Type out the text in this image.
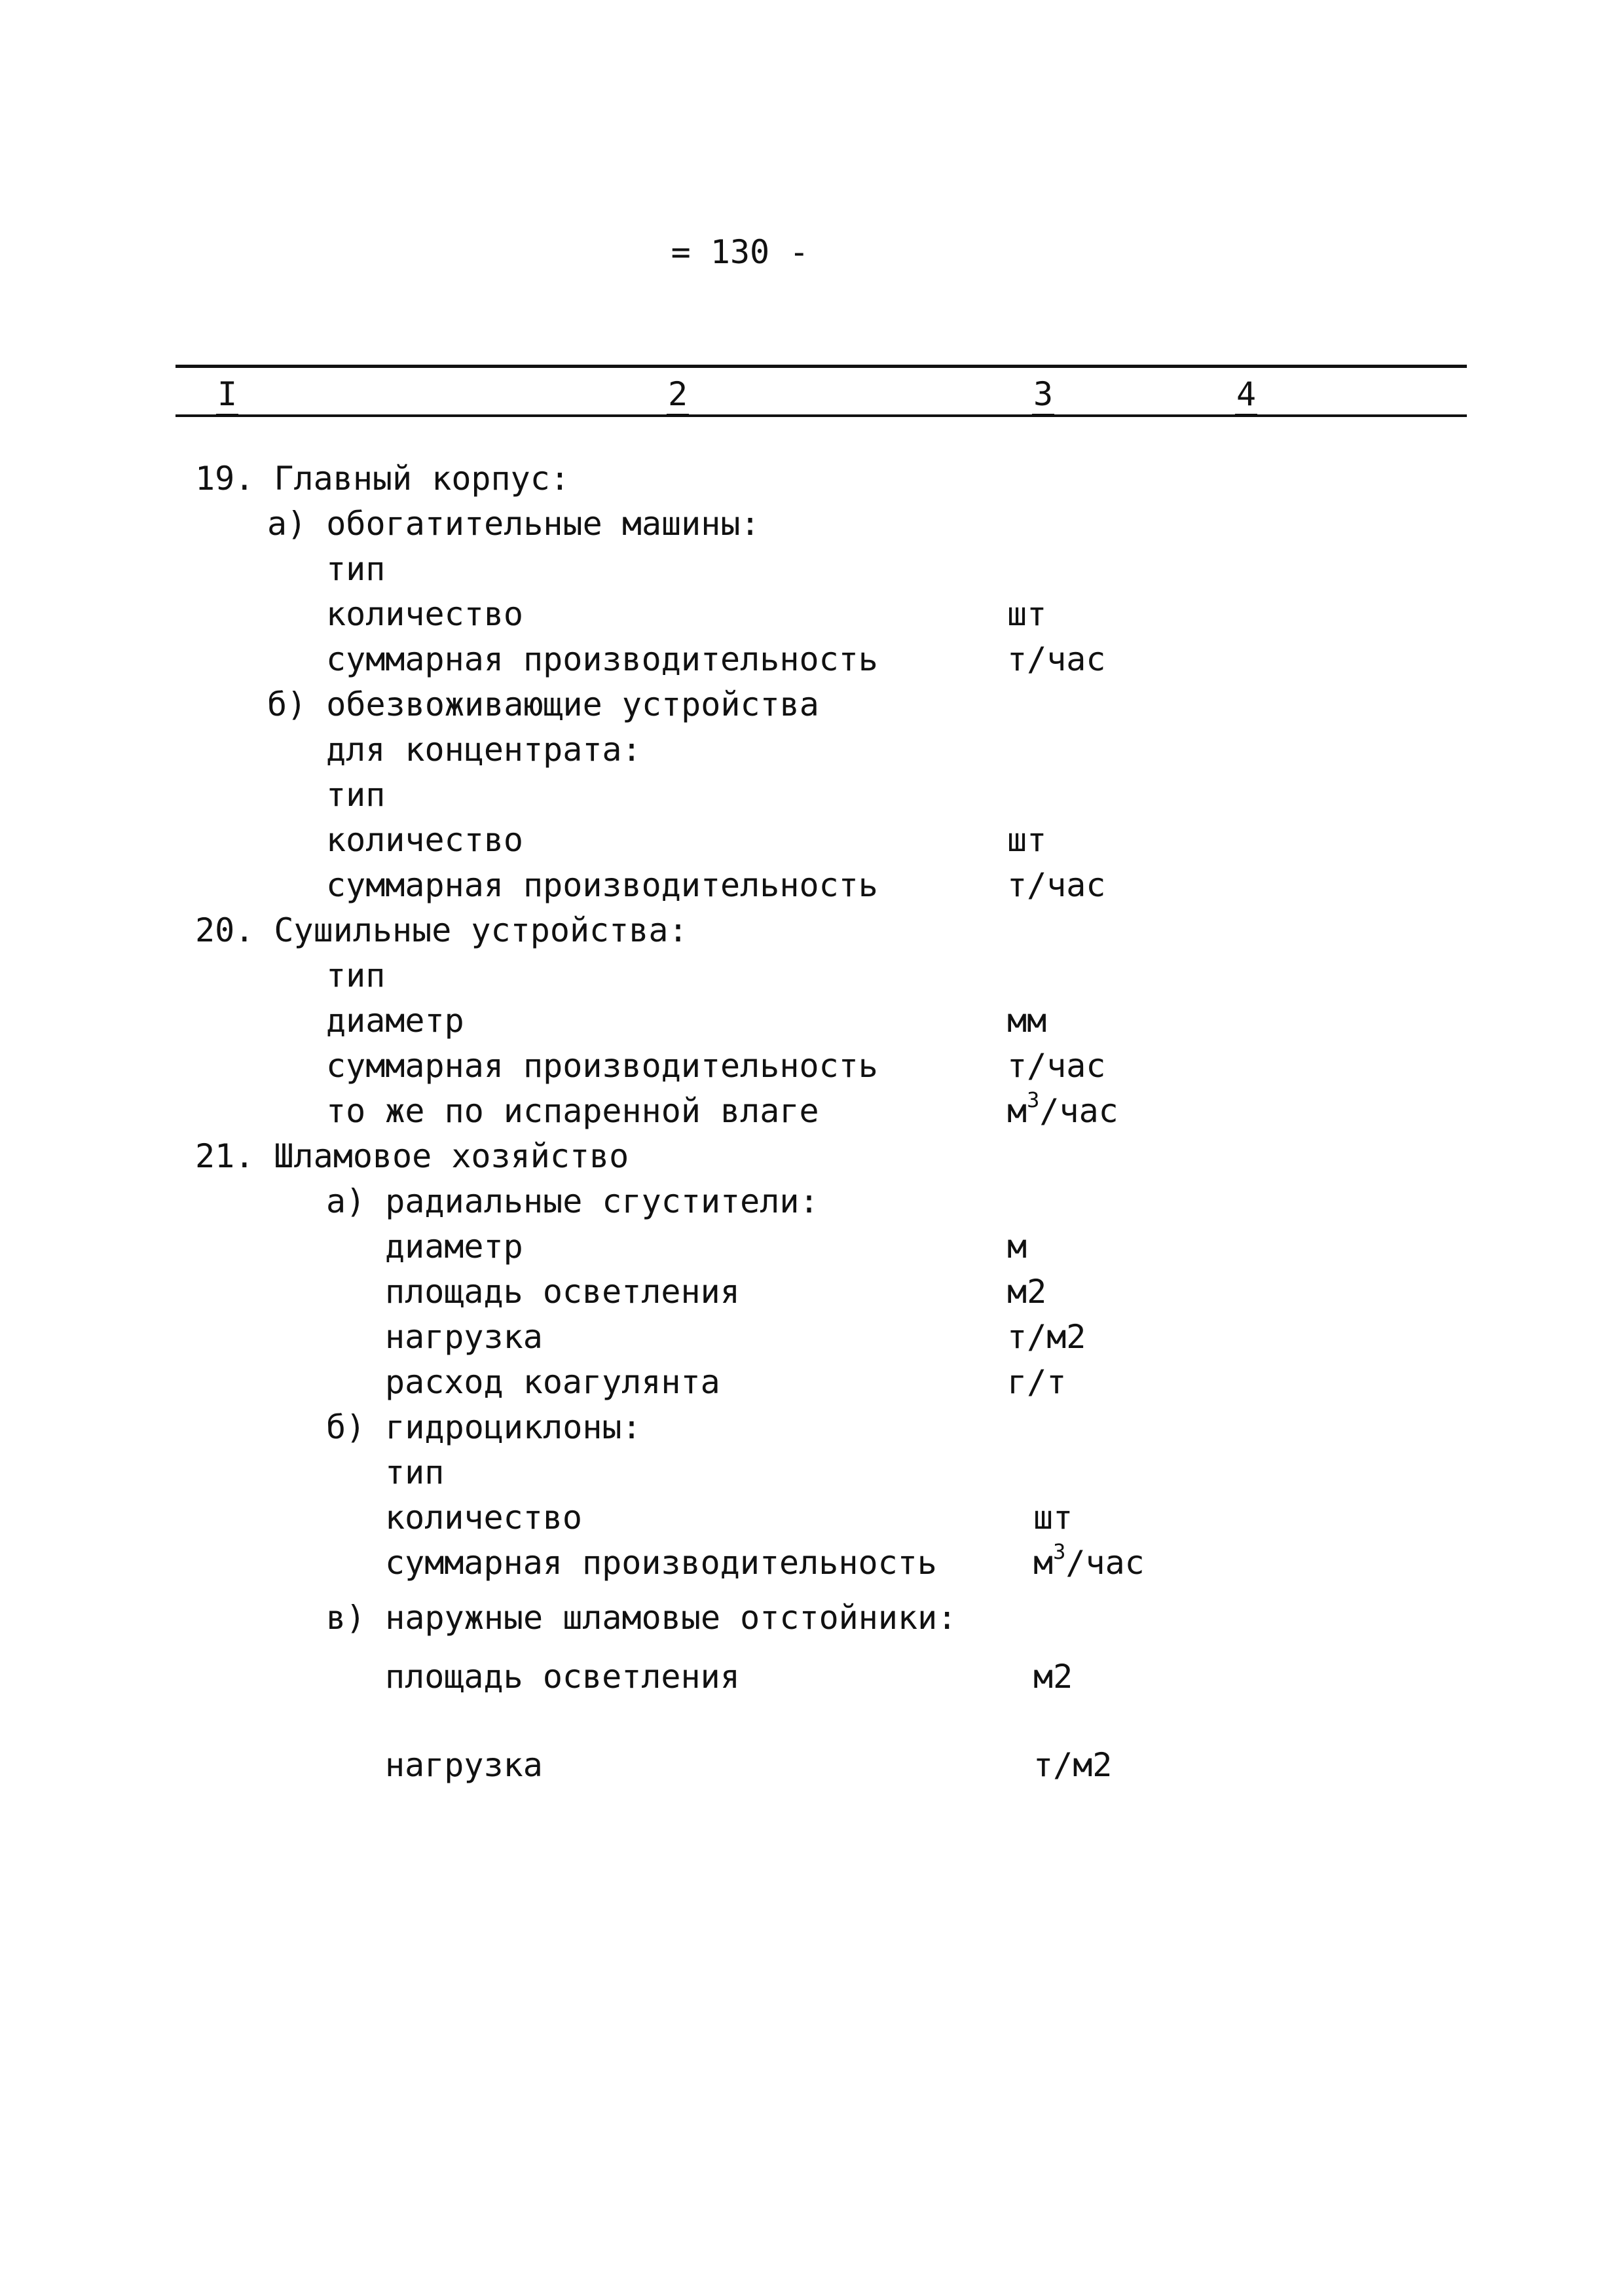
= 130 -
I	2	3	4
19. Главный корпус:
а) обогатительные машины:
тип
количество	шт
суммарная производительность	т/час
б) обезвоживающие устройства
для концентрата:
тип
количество	шт
суммарная производительность	т/час
20. Сушильные устройства:
тип
диаметр	мм
суммарная производительность	т/час
то же по испаренной влаге	$м^3$/час
21. Шламовое хозяйство
а) радиальные сгустители:
диаметр	м
площадь осветления	м2
нагрузка	т/м2
расход коагулянта	г/т
б) гидроциклоны:
тип
количество	шт
суммарная производительность	$м^3$/час
в) наружные шламовые отстойники:
площадь осветления	м2
нагрузка	т/м2
